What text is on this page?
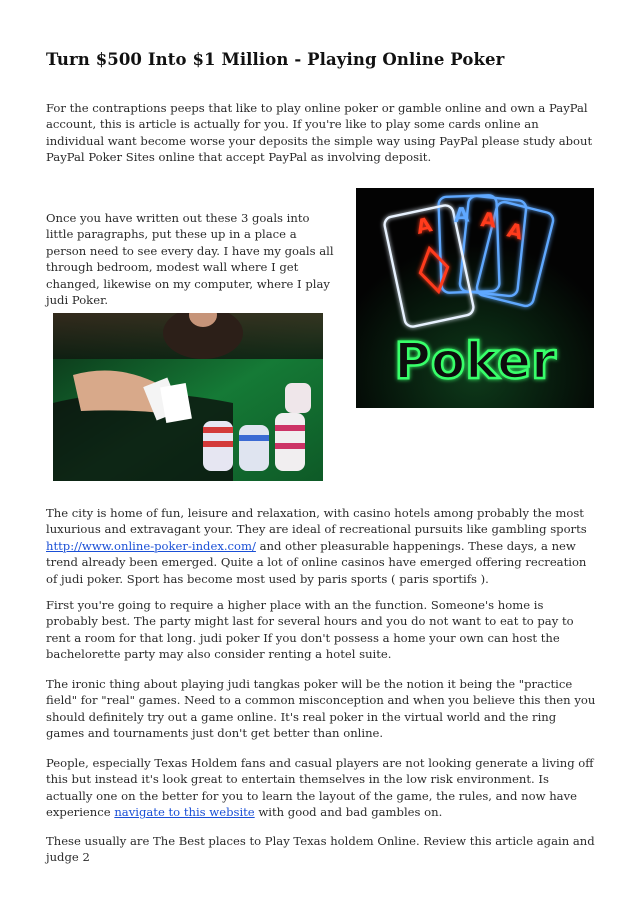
Turn $500 Into $1 Million - Playing Online Poker

For the contraptions peeps that like to play online poker or gamble online and own a PayPal account, this is article is actually for you. If you're like to play some cards online an individual want become worse your deposits the simple way using PayPal please study about PayPal Poker Sites online that accept PayPal as involving deposit.

Once you have written out these 3 goals into little paragraphs, put these up in a place a person need to see every day. I have my goals all through bedroom, modest wall where I get changed, likewise on my computer, where I play judi Poker.

A A A A
Poker

The city is home of fun, leisure and relaxation, with casino hotels among probably the most luxurious and extravagant your. They are ideal of recreational pursuits like gambling sports http://www.online-poker-index.com/ and other pleasurable happenings. These days, a new trend already been emerged. Quite a lot of online casinos have emerged offering recreation of judi poker. Sport has become most used by paris sports ( paris sportifs ).

First you're going to require a higher place with an the function. Someone's home is probably best. The party might last for several hours and you do not want to eat to pay to rent a room for that long. judi poker If you don't possess a home your own can host the bachelorette party may also consider renting a hotel suite.

The ironic thing about playing judi tangkas poker will be the notion it being the "practice field" for "real" games. Need to a common misconception and when you believe this then you should definitely try out a game online. It's real poker in the virtual world and the ring games and tournaments just don't get better than online.

People, especially Texas Holdem fans and casual players are not looking generate a living off this but instead it's look great to entertain themselves in the low risk environment. Is actually one on the better for you to learn the layout of the game, the rules, and now have experience navigate to this website with good and bad gambles on.

These usually are The Best places to Play Texas holdem Online. Review this article again and judge 2
